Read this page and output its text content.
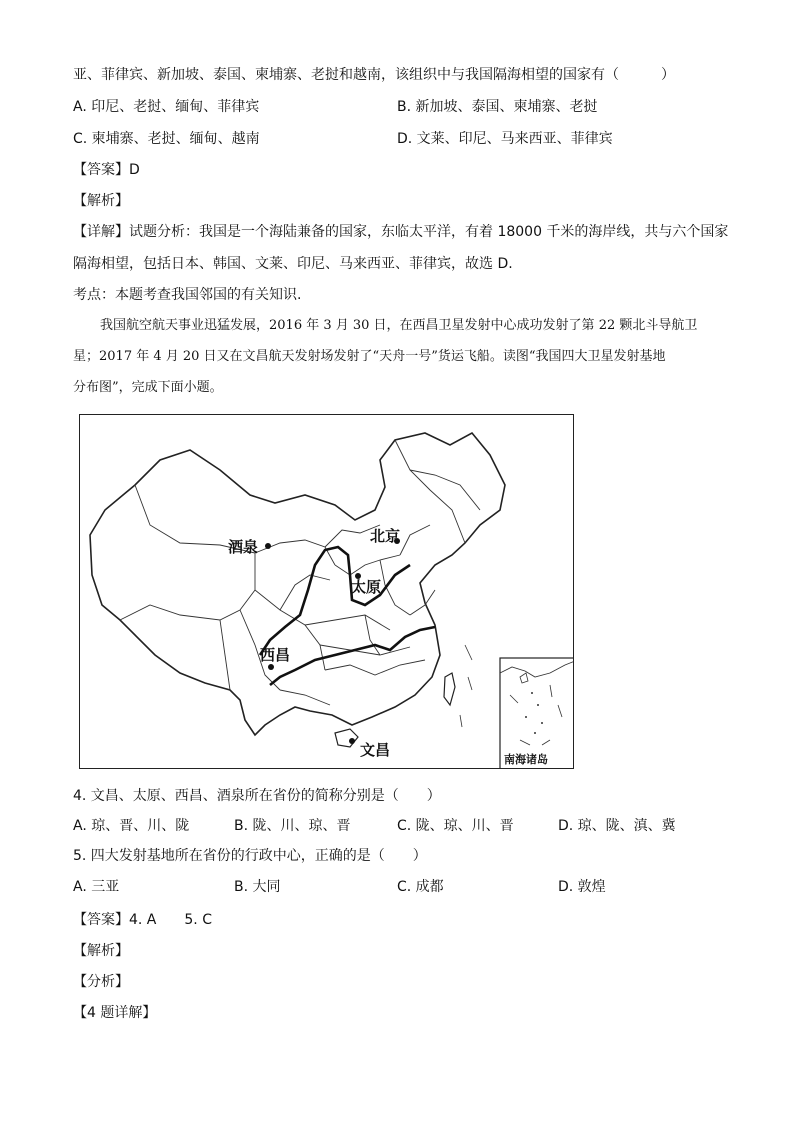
亚、菲律宾、新加坡、泰国、柬埔寨、老挝和越南，该组织中与我国隔海相望的国家有（　　　）
A. 印尼、老挝、缅甸、菲律宾	B. 新加坡、泰国、柬埔寨、老挝
C. 柬埔寨、老挝、缅甸、越南	D. 文莱、印尼、马来西亚、菲律宾
【答案】D
【解析】
【详解】试题分析：我国是一个海陆兼备的国家，东临太平洋，有着 18000 千米的海岸线，共与六个国家
隔海相望，包括日本、韩国、文莱、印尼、马来西亚、菲律宾，故选 D.
考点：本题考查我国邻国的有关知识.
我国航空航天事业迅猛发展，2016 年 3 月 30 日，在西昌卫星发射中心成功发射了第 22 颗北斗导航卫
星；2017 年 4 月 20 日又在文昌航天发射场发射了“天舟一号”货运飞船。读图“我国四大卫星发射基地
分布图”，完成下面小题。
酒泉
北京
太原
西昌
文昌
南海诸岛
4. 文昌、太原、西昌、酒泉所在省份的简称分别是（　　）
A. 琼、晋、川、陇	B. 陇、川、琼、晋	C. 陇、琼、川、晋	D. 琼、陇、滇、冀
5. 四大发射基地所在省份的行政中心，正确的是（　　）
A. 三亚	B. 大同	C. 成都	D. 敦煌
【答案】4. A　　5. C
【解析】
【分析】
【4 题详解】
